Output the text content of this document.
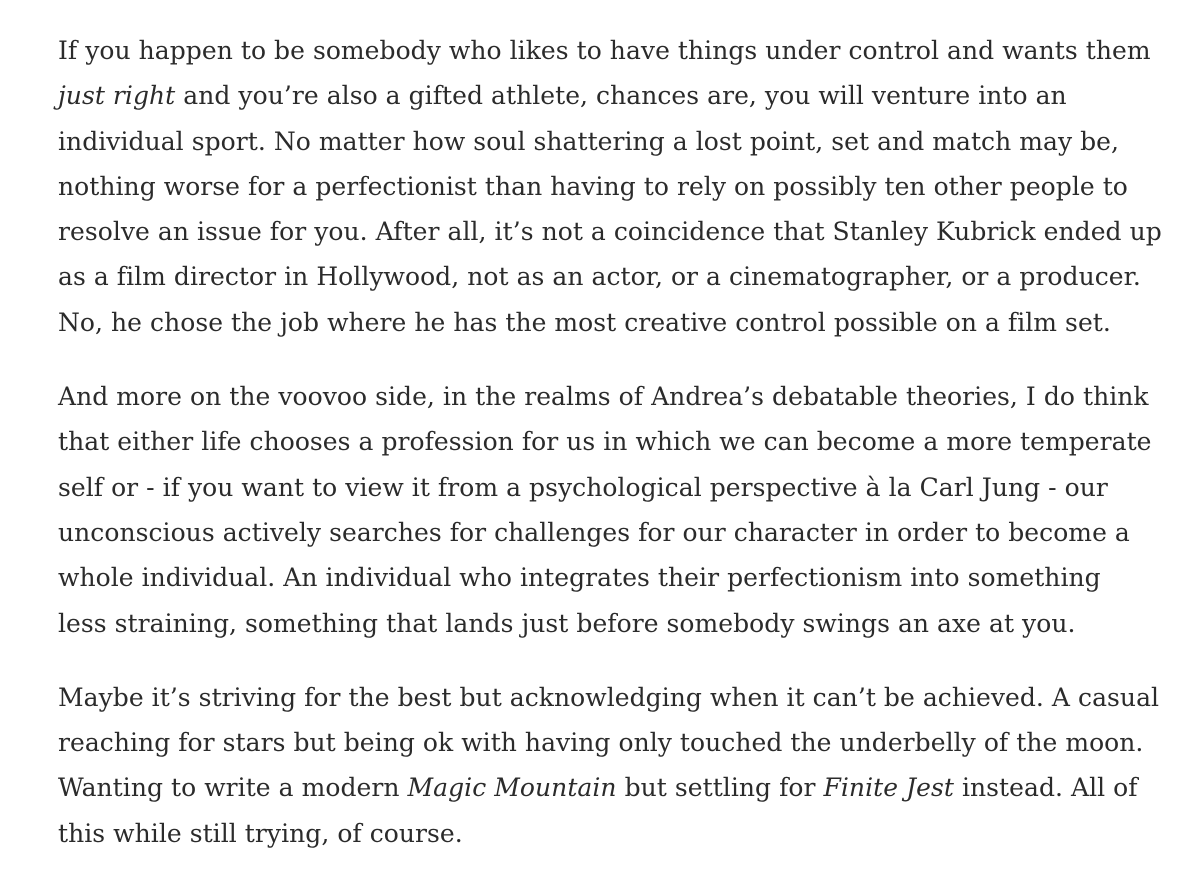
If you happen to be somebody who likes to have things under control and wants them
just right and you’re also a gifted athlete, chances are, you will venture into an
individual sport. No matter how soul shattering a lost point, set and match may be,
nothing worse for a perfectionist than having to rely on possibly ten other people to
resolve an issue for you. After all, it’s not a coincidence that Stanley Kubrick ended up
as a film director in Hollywood, not as an actor, or a cinematographer, or a producer.
No, he chose the job where he has the most creative control possible on a film set.

And more on the voovoo side, in the realms of Andrea’s debatable theories, I do think
that either life chooses a profession for us in which we can become a more temperate
self or - if you want to view it from a psychological perspective à la Carl Jung - our
unconscious actively searches for challenges for our character in order to become a
whole individual. An individual who integrates their perfectionism into something
less straining, something that lands just before somebody swings an axe at you.

Maybe it’s striving for the best but acknowledging when it can’t be achieved. A casual
reaching for stars but being ok with having only touched the underbelly of the moon.
Wanting to write a modern Magic Mountain but settling for Finite Jest instead. All of
this while still trying, of course.
